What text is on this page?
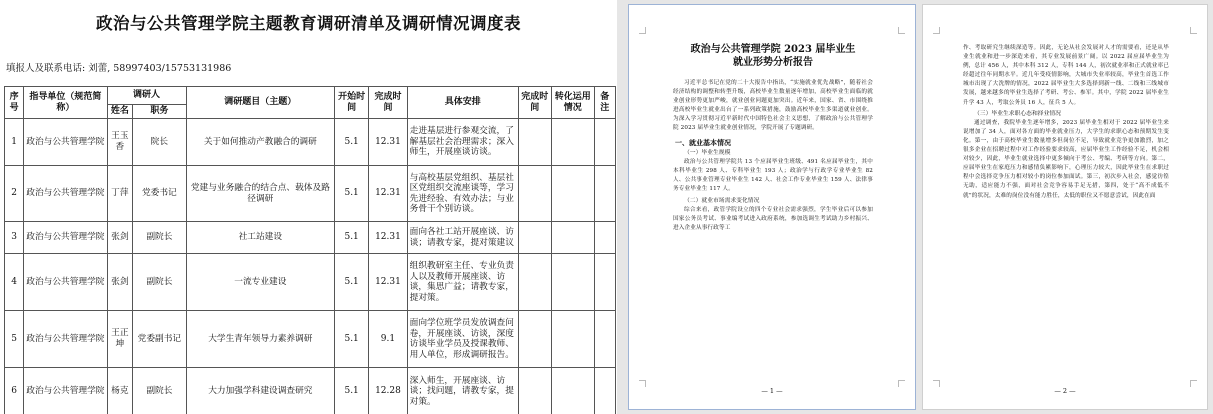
政治与公共管理学院主题教育调研清单及调研情况调度表
填报人及联系电话: 刘蕾, 58997403/15753131986
序号	指导单位（规范简称）	调研人		调研题目（主题）	开始时间	完成时间	具体安排	完成时间	转化运用情况	备注
		姓名	职务							
1	政治与公共管理学院	王玉香	院长	关于如何推动产教融合的调研	5.1	12.31	走进基层进行参观交流，了解基层社会治理需求；深入师生，开展座谈访谈。			
2	政治与公共管理学院	丁萍	党委书记	党建与业务融合的结合点、载体及路径调研	5.1	12.31	与高校基层党组织、基层社区党组织交流座谈等，学习先进经验、有效办法；与业务骨干个别访谈。			
3	政治与公共管理学院	张剑	副院长	社工站建设	5.1	12.31	面向各社工站开展座谈、访谈；请教专家，提对策建议			
4	政治与公共管理学院	张剑	副院长	一流专业建设	5.1	12.31	组织教研室主任、专业负责人以及教师开展座谈、访谈，集思广益；请教专家，提对策。			
5	政治与公共管理学院	王正坤	党委副书记	大学生青年领导力素养调研	5.1	9.1	面向学位班学员发放调查问卷，开展座谈、访谈，深度访谈毕业学员及授课教师、用人单位，形成调研报告。			
6	政治与公共管理学院	杨克	副院长	大力加强学科建设调查研究	5.1	12.28	深入师生，开展座谈、访谈；找问题，请教专家，提对策。			
政治与公共管理学院 2023 届毕业生
就业形势分析报告

习近平总书记在党的二十大报告中指出，“实施就业优先战略”，随着社会经济结构的调整和转型升级，高校毕业生数量逐年增加，高校毕业生面临的就业创业形势更加严峻，就业创业问题更加突出。近年来，国家、省、市围绕推进高校毕业生就业出台了一系列政策措施，鼓励高校毕业生多渠道就业创业。为深入学习贯彻习近平新时代中国特色社会主义思想，了解政治与公共管理学院 2023 届毕业生就业创业情况，学院开展了专题调研。

一、就业基本情况
（一）毕业生规模

政治与公共管理学院共 13 个应届毕业生班级、491 名应届毕业生，其中本科毕业生 298 人、专科毕业生 193 人；政治学与行政学专业毕业生 82 人、公共事业管理专业毕业生 142 人、社会工作专业毕业生 159 人、法律事务专业毕业生 117 人。

（二）就业市场需求变化情况

综合来看，政管学院设立的四个专业社会需求强烈，学生毕业后可以参加国家公务员考试、事业编考试进入政府系统，参加选调生考试助力乡村振兴、进入企业从事行政等工

— 1 —

作、考取研究生继续深造等。因此，无论从社会发展对人才的需要看，还是从毕业生就业和进一步深造来看，其专业发展前景广阔。以 2022 届应届毕业生为例，总计 456 人，其中本科 312 人，专科 144 人，初次就业率和正式就业率已经超过往年同期水平。近几年受疫情影响，大城市失业率较高，毕业生首选工作城市出现了大洗牌的情况，2022 届毕业生大多选择到新一线、二线和三线城市发展，越来越多的毕业生选择了考研、考公、参军。其中，学院 2022 届毕业生升学 43 人，考取公务员 16 人，征兵 5 人。

（三）毕业生求职心态和择业情况

通过调查，我院毕业生逐年增多，2023 届毕业生相对于 2022 届毕业生来说增加了 34 人，面对各方面的毕业就业压力，大学生的求职心态和预期发生变化。第一，由于高校毕业生数量增多但岗位不足，导致就业竞争更加激烈，加之很多企业在招聘过程中对工作经验要求较高，应届毕业生工作经验不足，机会相对较少，因此，毕业生就业选择中更多倾向于考公、考编、考研等方向。第二，应届毕业生在家庭压力和感情负累影响下，心理压力较大，因此毕业生在求职过程中会选择竞争压力相对较小的岗位参加面试。第三，初次步入社会，感觉彷徨无助，适应能力不强，面对社会竞争容易手足无措，第四，处于“高不成低不就”的状况，太难的岗位没有能力胜任，太低的职位又不愿意尝试，因此在面

— 2 —
